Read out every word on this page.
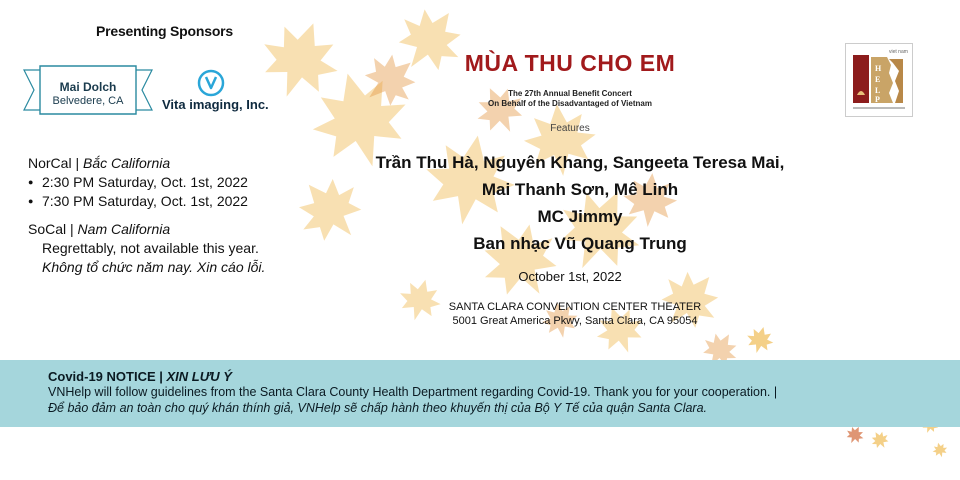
Presenting Sponsors
Mai Dolch
Belvedere, CA	Vita imaging, Inc.
NorCal | Bắc California
● 2:30 PM Saturday, Oct. 1st, 2022
● 7:30 PM Saturday, Oct. 1st, 2022
SoCal | Nam California
Regrettably, not available this year.
Không tổ chức năm nay. Xin cáo lỗi.
MÙA THU CHO EM
The 27th Annual Benefit Concert
On Behalf of the Disadvantaged of Vietnam
Features
Trần Thu Hà, Nguyên Khang, Sangeeta Teresa Mai,
Mai Thanh Sơn, Mê Linh
MC Jimmy
Ban nhạc Vũ Quang Trung
October 1st, 2022
SANTA CLARA CONVENTION CENTER THEATER
5001 Great America Pkwy, Santa Clara, CA 95054
H
E
L
P
viet nam
Covid-19 NOTICE | XIN LƯU Ý
VNHelp will follow guidelines from the Santa Clara County Health Department regarding Covid-19. Thank you for your cooperation. |
Để bảo đảm an toàn cho quý khán thính giả, VNHelp sẽ chấp hành theo khuyến thị của Bộ Y Tế của quận Santa Clara.
